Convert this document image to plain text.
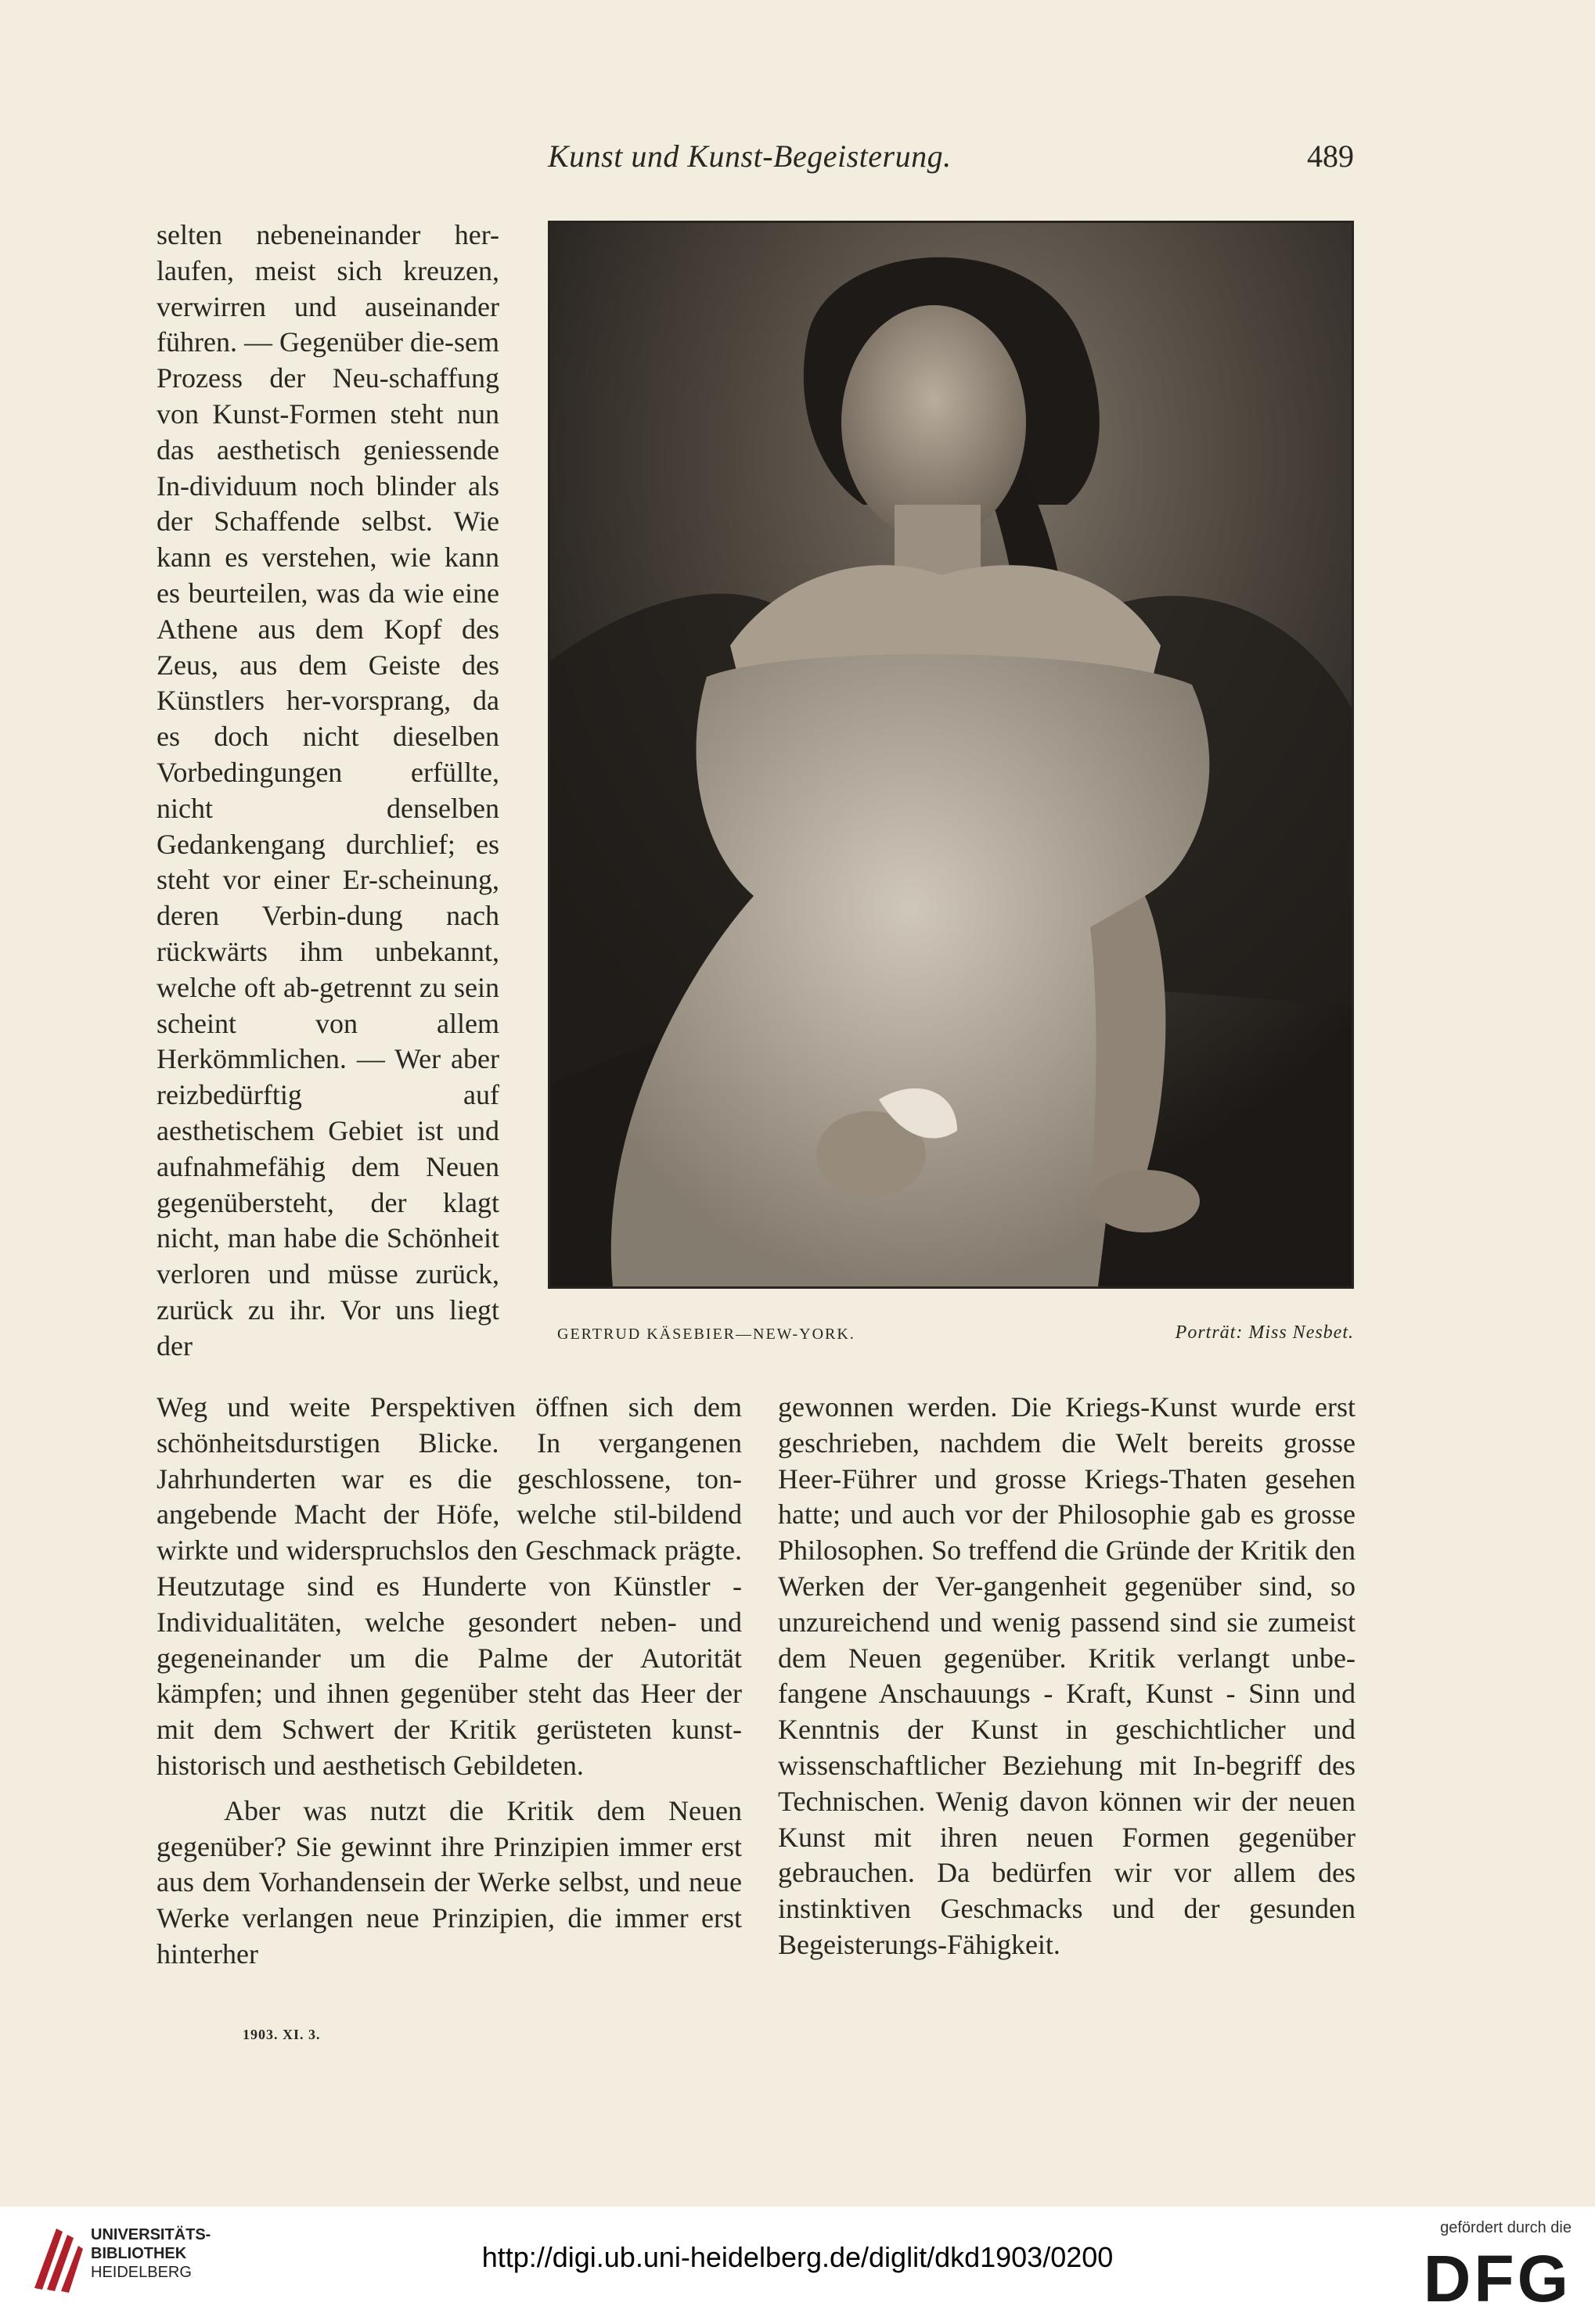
Kunst und Kunst-Begeisterung.	489

selten nebeneinander her-laufen, meist sich kreuzen, verwirren und auseinander führen. — Gegenüber die-sem Prozess der Neu-schaffung von Kunst-Formen steht nun das aesthetisch geniessende In-dividuum noch blinder als der Schaffende selbst. Wie kann es verstehen, wie kann es beurteilen, was da wie eine Athene aus dem Kopf des Zeus, aus dem Geiste des Künstlers her-vorsprang, da es doch nicht dieselben Vorbedingungen erfüllte, nicht denselben Gedankengang durchlief; es steht vor einer Er-scheinung, deren Verbin-dung nach rückwärts ihm unbekannt, welche oft ab-getrennt zu sein scheint von allem Herkömmlichen. — Wer aber reizbedürftig auf aesthetischem Gebiet ist und aufnahmefähig dem Neuen gegenübersteht, der klagt nicht, man habe die Schönheit verloren und müsse zurück, zurück zu ihr. Vor uns liegt der	GERTRUD KÄSEBIER—NEW-YORK.	Porträt: Miss Nesbet.

Weg und weite Perspektiven öffnen sich dem schönheitsdurstigen Blicke. In vergangenen Jahrhunderten war es die geschlossene, ton-angebende Macht der Höfe, welche stil-bildend wirkte und widerspruchslos den Geschmack prägte. Heutzutage sind es Hunderte von Künstler - Individualitäten, welche gesondert neben- und gegeneinander um die Palme der Autorität kämpfen; und ihnen gegenüber steht das Heer der mit dem Schwert der Kritik gerüsteten kunst-historisch und aesthetisch Gebildeten.

Aber was nutzt die Kritik dem Neuen gegenüber? Sie gewinnt ihre Prinzipien immer erst aus dem Vorhandensein der Werke selbst, und neue Werke verlangen neue Prinzipien, die immer erst hinterher

gewonnen werden. Die Kriegs-Kunst wurde erst geschrieben, nachdem die Welt bereits grosse Heer-Führer und grosse Kriegs-Thaten gesehen hatte; und auch vor der Philosophie gab es grosse Philosophen. So treffend die Gründe der Kritik den Werken der Ver-gangenheit gegenüber sind, so unzureichend und wenig passend sind sie zumeist dem Neuen gegenüber. Kritik verlangt unbe-fangene Anschauungs - Kraft, Kunst - Sinn und Kenntnis der Kunst in geschichtlicher und wissenschaftlicher Beziehung mit In-begriff des Technischen. Wenig davon können wir der neuen Kunst mit ihren neuen Formen gegenüber gebrauchen. Da bedürfen wir vor allem des instinktiven Geschmacks und der gesunden Begeisterungs-Fähigkeit.

1903. XI. 3.
UNIVERSITÄTS-
BIBLIOTHEK
HEIDELBERG	http://digi.ub.uni-heidelberg.de/diglit/dkd1903/0200
gefördert durch die
DFG
